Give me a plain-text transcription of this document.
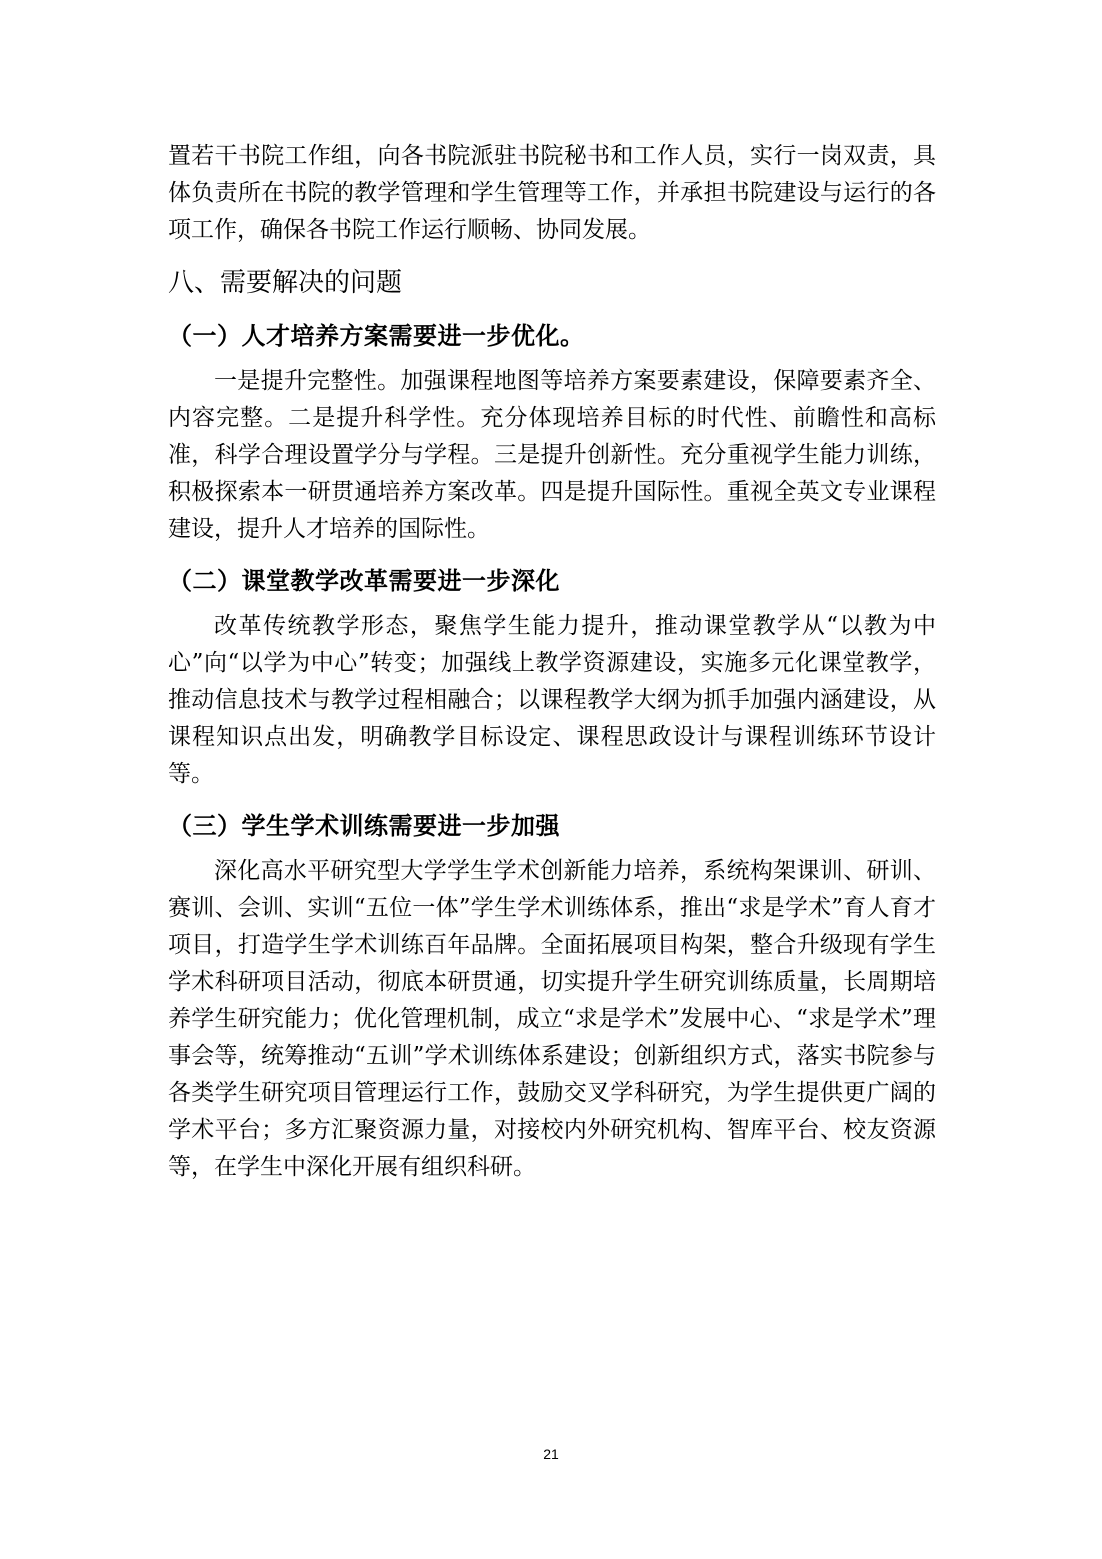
置若干书院工作组，向各书院派驻书院秘书和工作人员，实行一岗双责，具体负责所在书院的教学管理和学生管理等工作，并承担书院建设与运行的各项工作，确保各书院工作运行顺畅、协同发展。

八、需要解决的问题
（一）人才培养方案需要进一步优化。

一是提升完整性。加强课程地图等培养方案要素建设，保障要素齐全、内容完整。二是提升科学性。充分体现培养目标的时代性、前瞻性和高标准，科学合理设置学分与学程。三是提升创新性。充分重视学生能力训练，积极探索本一研贯通培养方案改革。四是提升国际性。重视全英文专业课程建设，提升人才培养的国际性。

（二）课堂教学改革需要进一步深化

改革传统教学形态，聚焦学生能力提升，推动课堂教学从“以教为中心”向“以学为中心”转变；加强线上教学资源建设，实施多元化课堂教学，推动信息技术与教学过程相融合；以课程教学大纲为抓手加强内涵建设，从课程知识点出发，明确教学目标设定、课程思政设计与课程训练环节设计等。

（三）学生学术训练需要进一步加强

深化高水平研究型大学学生学术创新能力培养，系统构架课训、研训、赛训、会训、实训“五位一体”学生学术训练体系，推出“求是学术”育人育才项目，打造学生学术训练百年品牌。全面拓展项目构架，整合升级现有学生学术科研项目活动，彻底本研贯通，切实提升学生研究训练质量，长周期培养学生研究能力；优化管理机制，成立“求是学术”发展中心、“求是学术”理事会等，统筹推动“五训”学术训练体系建设；创新组织方式，落实书院参与各类学生研究项目管理运行工作，鼓励交叉学科研究，为学生提供更广阔的学术平台；多方汇聚资源力量，对接校内外研究机构、智库平台、校友资源等，在学生中深化开展有组织科研。

21
